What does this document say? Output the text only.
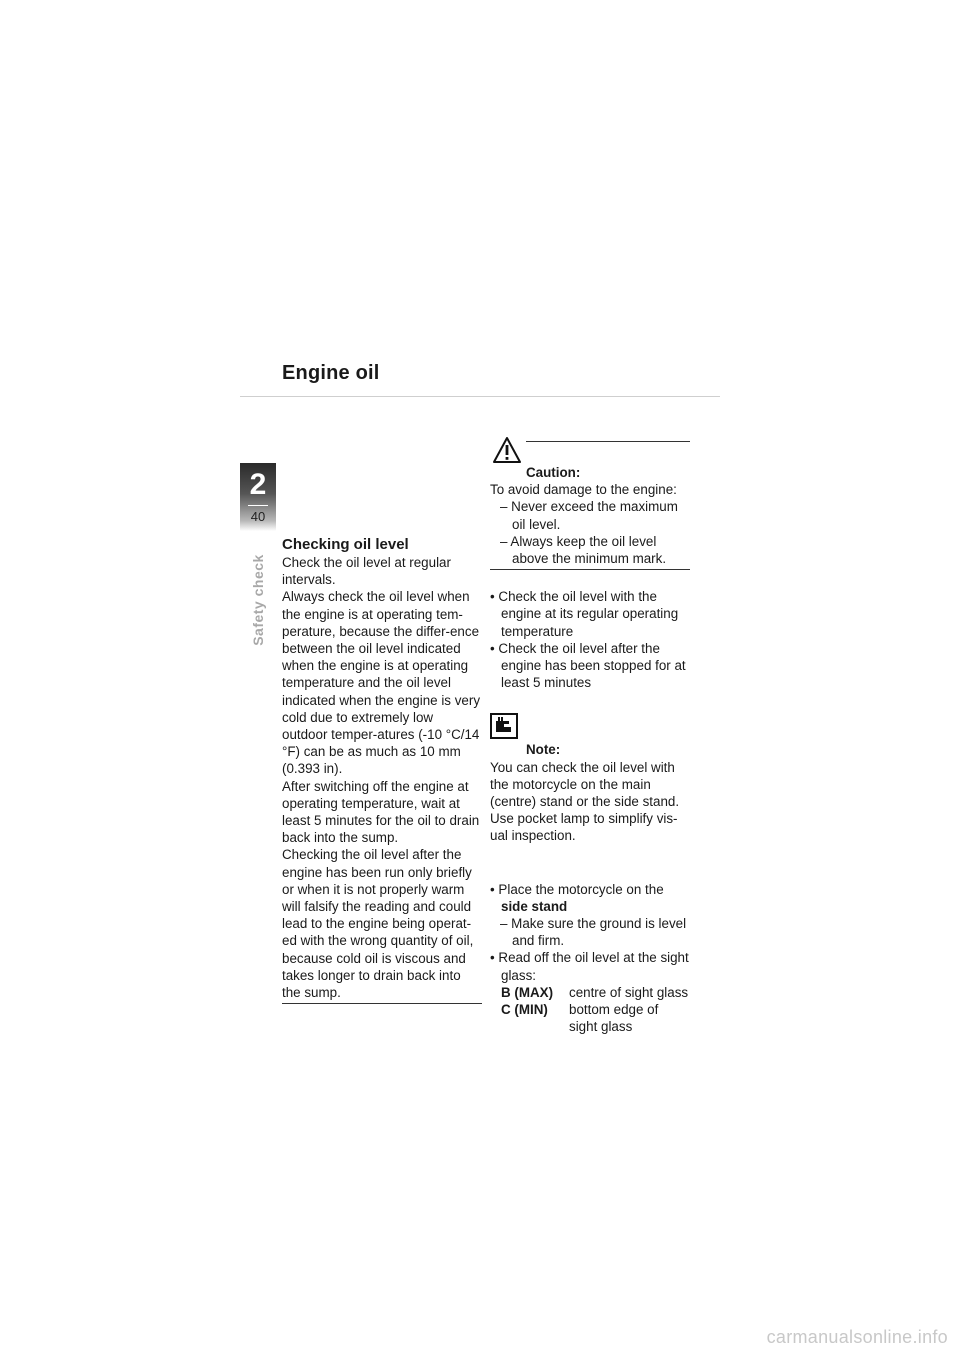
Engine oil
2
40
Safety check
Checking oil level

Check the oil level at regular intervals.

Always check the oil level when the engine is at operating tem-perature, because the differ-ence between the oil level indicated when the engine is at operating temperature and the oil level indicated when the engine is very cold due to extremely low outdoor temper-atures (-10 °C/14 °F) can be as much as 10 mm (0.393 in).

After switching off the engine at operating temperature, wait at least 5 minutes for the oil to drain back into the sump.

Checking the oil level after the engine has been run only briefly or when it is not properly warm will falsify the reading and could lead to the engine being operat-ed with the wrong quantity of oil, because cold oil is viscous and takes longer to drain back into the sump.

Caution:
To avoid damage to the engine:
– Never exceed the maximum oil level.
– Always keep the oil level above the minimum mark.
• Check the oil level with the engine at its regular operating temperature
• Check the oil level after the engine has been stopped for at least 5 minutes
Note:
You can check the oil level with the motorcycle on the main (centre) stand or the side stand. Use pocket lamp to simplify vis-ual inspection.
• Place the motorcycle on the side stand
– Make sure the ground is level and firm.
• Read off the oil level at the sight glass:
B (MAX)	centre of sight glass
C (MIN)	bottom edge of sight glass
carmanualsonline.info
